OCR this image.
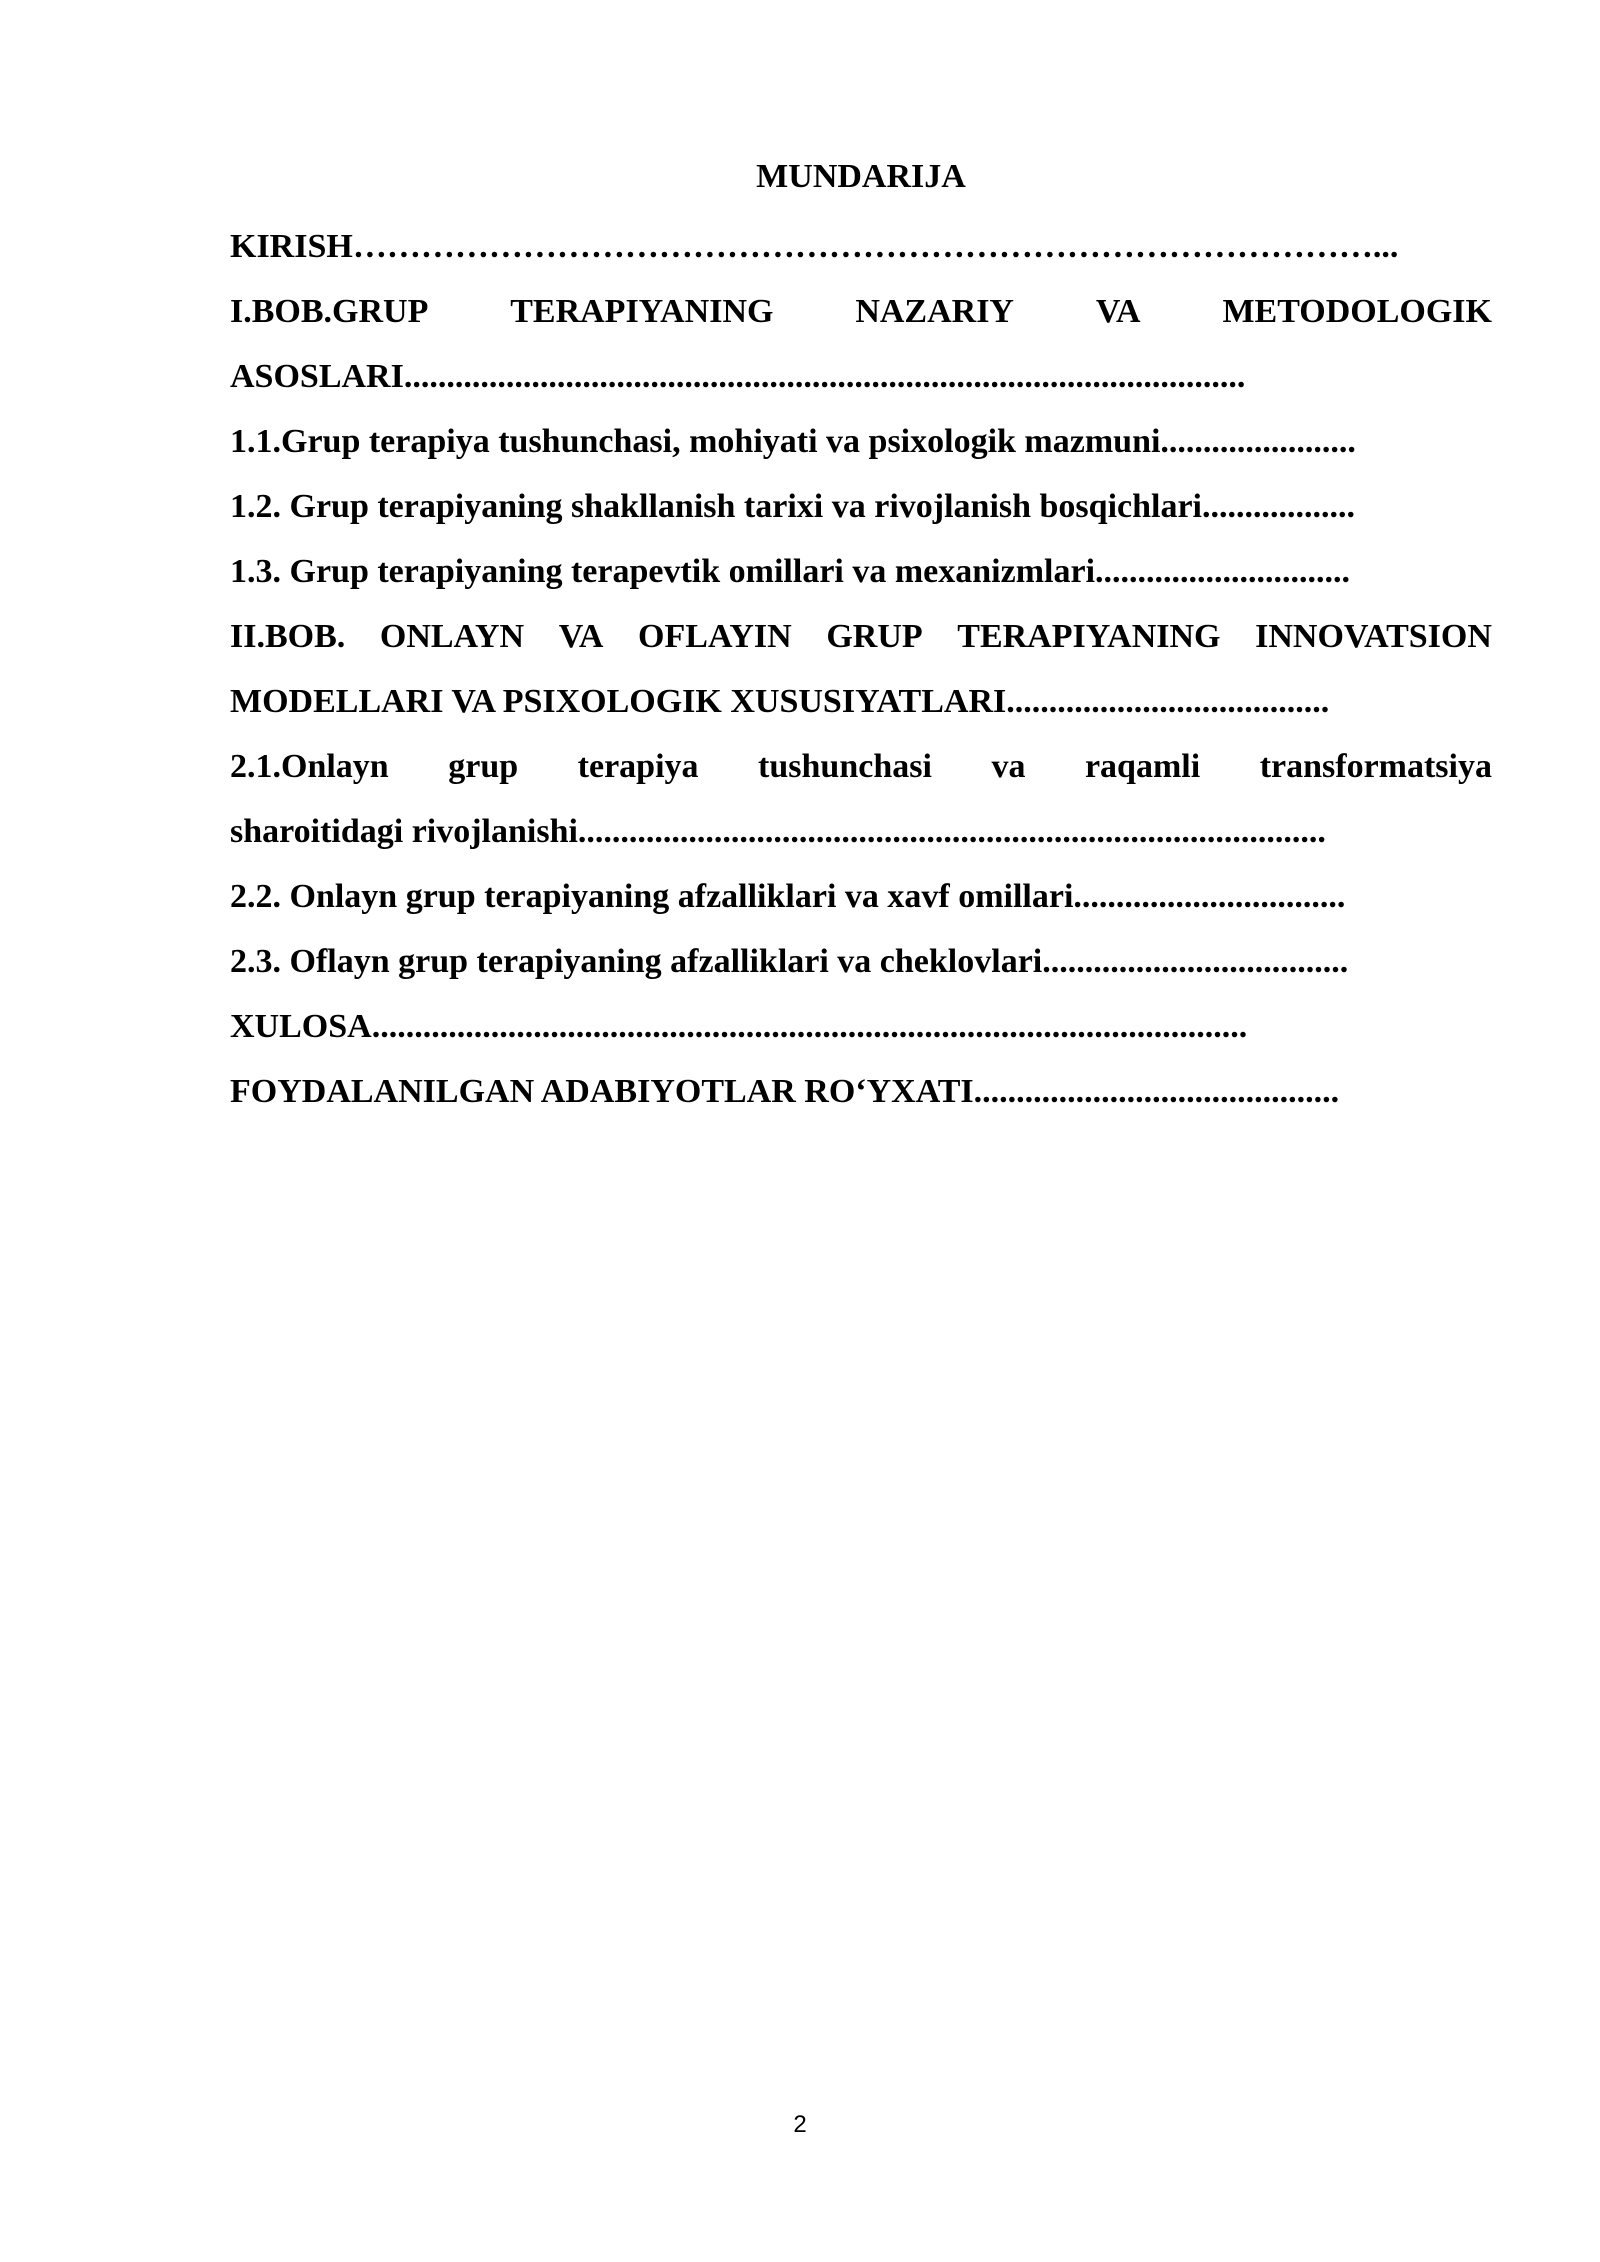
MUNDARIJA
KIRISH………………………………………………………………………………...
I.BOB.GRUP TERAPIYANING NAZARIY VA METODOLOGIK
ASOSLARI...................................................................................................
1.1.Grup terapiya tushunchasi, mohiyati va psixologik mazmuni.......................
1.2. Grup terapiyaning shakllanish tarixi va rivojlanish bosqichlari..................
1.3. Grup terapiyaning terapevtik omillari va mexanizmlari..............................
II.BOB. ONLAYN VA OFLAYIN GRUP TERAPIYANING INNOVATSION
MODELLARI VA PSIXOLOGIK XUSUSIYATLARI......................................
2.1.Onlayn grup terapiya tushunchasi va raqamli transformatsiya
sharoitidagi rivojlanishi........................................................................................
2.2. Onlayn grup terapiyaning afzalliklari va xavf omillari................................
2.3. Oflayn grup terapiyaning afzalliklari va cheklovlari....................................
XULOSA.......................................................................................................
FOYDALANILGAN ADABIYOTLAR RO‘YXATI...........................................
2
